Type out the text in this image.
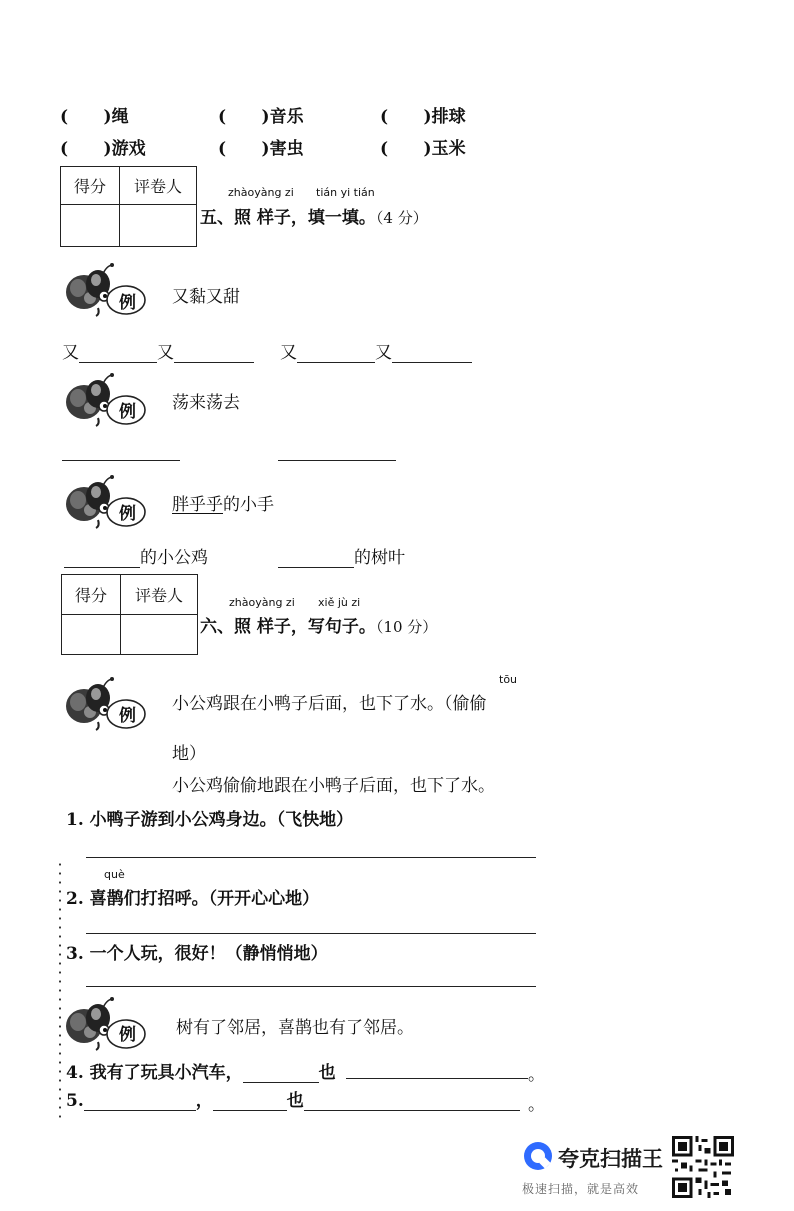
(      )绳	(      )音乐	(      )排球
(      )游戏	(      )害虫	(      )玉米
得分	评卷人
		zhàoyàng zi tián yi tián
五、照 样子，填一填。（4 分）
例 又黏又甜
又	又	又	又
例 荡来荡去
例 胖乎乎的小手
的小公鸡	的树叶
得分	评卷人
		zhàoyàng zi xiě jù zi
六、照 样子，写句子。（10 分）
例
tōu
小公鸡跟在小鸭子后面，也下了水。（偷偷
地）
小公鸡偷偷地跟在小鸭子后面，也下了水。
1. 小鸭子游到小公鸡身边。（飞快地）
què
2. 喜鹊们打招呼。（开开心心地）
3. 一个人玩，很好！（静悄悄地）
例 树有了邻居，喜鹊也有了邻居。
4. 我有了玩具小汽车，	也	。
5.	，	也	。
夸克扫描王
极速扫描，就是高效
